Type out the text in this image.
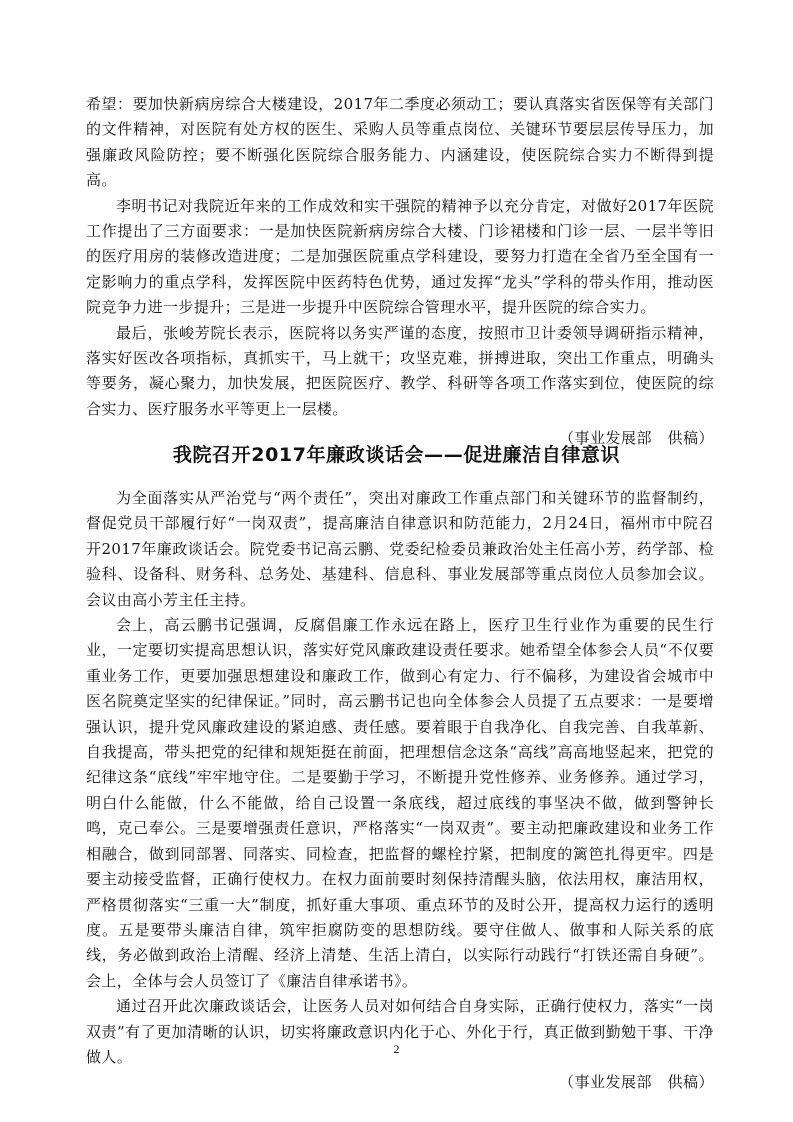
希望：要加快新病房综合大楼建设，2017年二季度必须动工；要认真落实省医保等有关部门的文件精神，对医院有处方权的医生、采购人员等重点岗位、关键环节要层层传导压力，加强廉政风险防控；要不断强化医院综合服务能力、内涵建设，使医院综合实力不断得到提高。

李明书记对我院近年来的工作成效和实干强院的精神予以充分肯定，对做好2017年医院工作提出了三方面要求：一是加快医院新病房综合大楼、门诊裙楼和门诊一层、一层半等旧的医疗用房的装修改造进度；二是加强医院重点学科建设，要努力打造在全省乃至全国有一定影响力的重点学科，发挥医院中医药特色优势，通过发挥“龙头”学科的带头作用，推动医院竞争力进一步提升；三是进一步提升中医院综合管理水平，提升医院的综合实力。

最后，张峻芳院长表示，医院将以务实严谨的态度，按照市卫计委领导调研指示精神，落实好医改各项指标，真抓实干，马上就干；攻坚克难，拼搏进取，突出工作重点，明确头等要务，凝心聚力，加快发展，把医院医疗、教学、科研等各项工作落实到位，使医院的综合实力、医疗服务水平等更上一层楼。

（事业发展部　供稿）
我院召开2017年廉政谈话会——促进廉洁自律意识

为全面落实从严治党与“两个责任”，突出对廉政工作重点部门和关键环节的监督制约，督促党员干部履行好“一岗双责”，提高廉洁自律意识和防范能力，2月24日，福州市中院召开2017年廉政谈话会。院党委书记高云鹏、党委纪检委员兼政治处主任高小芳，药学部、检验科、设备科、财务科、总务处、基建科、信息科、事业发展部等重点岗位人员参加会议。会议由高小芳主任主持。

会上，高云鹏书记强调，反腐倡廉工作永远在路上，医疗卫生行业作为重要的民生行业，一定要切实提高思想认识，落实好党风廉政建设责任要求。她希望全体参会人员“不仅要重业务工作，更要加强思想建设和廉政工作，做到心有定力、行不偏移，为建设省会城市中医名院奠定坚实的纪律保证。”同时，高云鹏书记也向全体参会人员提了五点要求：一是要增强认识，提升党风廉政建设的紧迫感、责任感。要着眼于自我净化、自我完善、自我革新、自我提高，带头把党的纪律和规矩挺在前面，把理想信念这条“高线”高高地竖起来，把党的纪律这条“底线”牢牢地守住。二是要勤于学习，不断提升党性修养、业务修养。通过学习，明白什么能做，什么不能做，给自己设置一条底线，超过底线的事坚决不做，做到警钟长鸣，克己奉公。三是要增强责任意识，严格落实“一岗双责”。要主动把廉政建设和业务工作相融合，做到同部署、同落实、同检查，把监督的螺栓拧紧，把制度的篱笆扎得更牢。四是要主动接受监督，正确行使权力。在权力面前要时刻保持清醒头脑，依法用权，廉洁用权，严格贯彻落实“三重一大”制度，抓好重大事项、重点环节的及时公开，提高权力运行的透明度。五是要带头廉洁自律，筑牢拒腐防变的思想防线。要守住做人、做事和人际关系的底线，务必做到政治上清醒、经济上清楚、生活上清白，以实际行动践行“打铁还需自身硬”。会上，全体与会人员签订了《廉洁自律承诺书》。

通过召开此次廉政谈话会，让医务人员对如何结合自身实际，正确行使权力，落实“一岗双责”有了更加清晰的认识，切实将廉政意识内化于心、外化于行，真正做到勤勉干事、干净做人。

（事业发展部　供稿）
2
